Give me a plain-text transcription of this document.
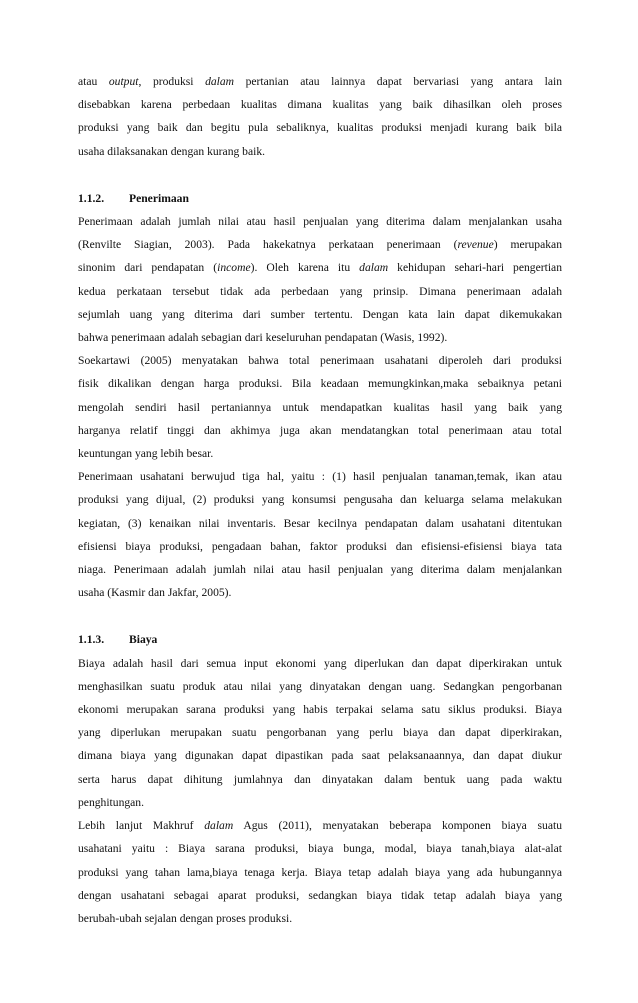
atau output, produksi dalam pertanian atau lainnya dapat bervariasi yang antara lain

disebabkan karena perbedaan kualitas dimana kualitas yang baik dihasilkan oleh proses

produksi yang baik dan begitu pula sebaliknya, kualitas produksi menjadi kurang baik bila

usaha dilaksanakan dengan kurang baik.

1.1.2.	Penerimaan

Penerimaan adalah jumlah nilai atau hasil penjualan yang diterima dalam menjalankan usaha

(Renvilte Siagian, 2003). Pada hakekatnya perkataan penerimaan (revenue) merupakan

sinonim dari pendapatan (income). Oleh karena itu dalam kehidupan sehari-hari pengertian

kedua perkataan tersebut tidak ada perbedaan yang prinsip. Dimana penerimaan adalah

sejumlah uang yang diterima dari sumber tertentu. Dengan kata lain dapat dikemukakan

bahwa penerimaan adalah sebagian dari keseluruhan pendapatan (Wasis, 1992).

Soekartawi (2005) menyatakan bahwa total penerimaan usahatani diperoleh dari produksi

fisik dikalikan dengan harga produksi. Bila keadaan memungkinkan,maka sebaiknya petani

mengolah sendiri hasil pertaniannya untuk mendapatkan kualitas hasil yang baik yang

harganya relatif tinggi dan akhimya juga akan mendatangkan total penerimaan atau total

keuntungan yang lebih besar.

Penerimaan usahatani berwujud tiga hal, yaitu : (1) hasil penjualan tanaman,temak, ikan atau

produksi yang dijual, (2) produksi yang konsumsi pengusaha dan keluarga selama melakukan

kegiatan, (3) kenaikan nilai inventaris. Besar kecilnya pendapatan dalam usahatani ditentukan

efisiensi biaya produksi, pengadaan bahan, faktor produksi dan efisiensi-efisiensi biaya tata

niaga. Penerimaan adalah jumlah nilai atau hasil penjualan yang diterima dalam menjalankan

usaha (Kasmir dan Jakfar, 2005).

1.1.3.	Biaya

Biaya adalah hasil dari semua input ekonomi yang diperlukan dan dapat diperkirakan untuk

menghasilkan suatu produk atau nilai yang dinyatakan dengan uang. Sedangkan pengorbanan

ekonomi merupakan sarana produksi yang habis terpakai selama satu siklus produksi. Biaya

yang diperlukan merupakan suatu pengorbanan yang perlu biaya dan dapat diperkirakan,

dimana biaya yang digunakan dapat dipastikan pada saat pelaksanaannya, dan dapat diukur

serta harus dapat dihitung jumlahnya dan dinyatakan dalam bentuk uang pada waktu

penghitungan.

Lebih lanjut Makhruf dalam Agus (2011), menyatakan beberapa komponen biaya suatu

usahatani yaitu : Biaya sarana produksi, biaya bunga, modal, biaya tanah,biaya alat-alat

produksi yang tahan lama,biaya tenaga kerja. Biaya tetap adalah biaya yang ada hubungannya

dengan usahatani sebagai aparat produksi, sedangkan biaya tidak tetap adalah biaya yang

berubah-ubah sejalan dengan proses produksi.
